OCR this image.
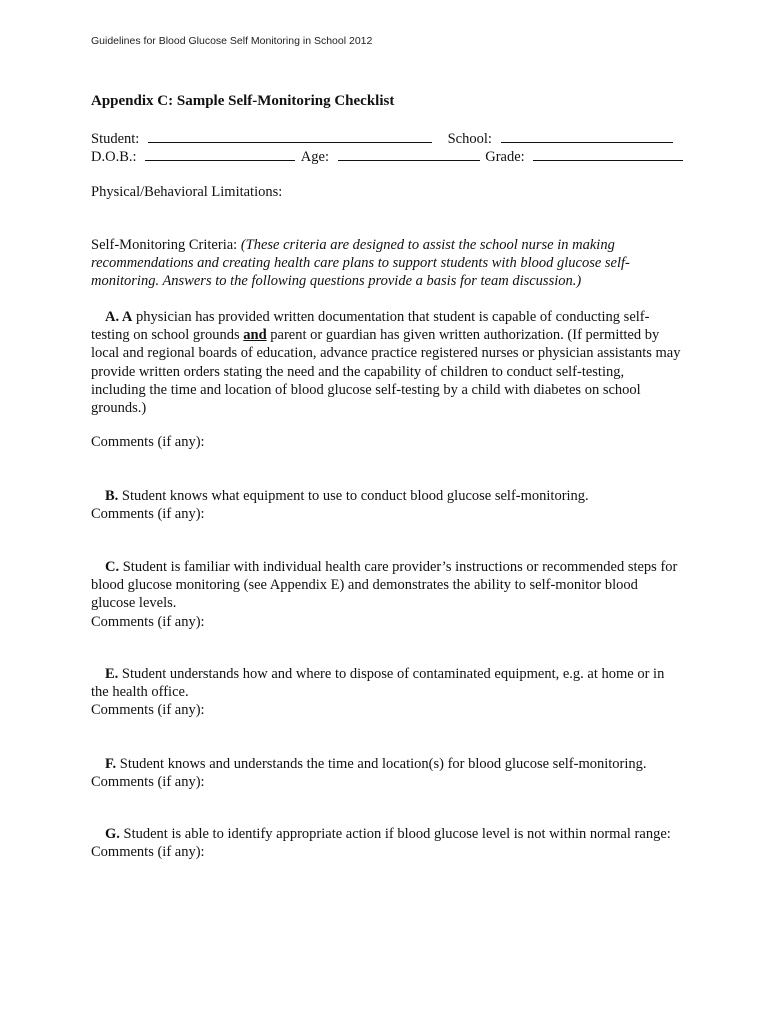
Guidelines for Blood Glucose Self Monitoring in School 2012
Appendix C: Sample Self-Monitoring Checklist
Student:	School:
D.O.B.:	Age:	Grade:
Physical/Behavioral Limitations:

Self-Monitoring Criteria: (These criteria are designed to assist the school nurse in making recommendations and creating health care plans to support students with blood glucose self-monitoring. Answers to the following questions provide a basis for team discussion.)

A. A physician has provided written documentation that student is capable of conducting self-testing on school grounds and parent or guardian has given written authorization. (If permitted by local and regional boards of education, advance practice registered nurses or physician assistants may provide written orders stating the need and the capability of children to conduct self-testing, including the time and location of blood glucose self-testing by a child with diabetes on school grounds.)

Comments (if any):

B. Student knows what equipment to use to conduct blood glucose self-monitoring.

Comments (if any):

C. Student is familiar with individual health care provider’s instructions or recommended steps for blood glucose monitoring (see Appendix E) and demonstrates the ability to self-monitor blood glucose levels.

Comments (if any):

E. Student understands how and where to dispose of contaminated equipment, e.g. at home or in the health office.

Comments (if any):

F. Student knows and understands the time and location(s) for blood glucose self-monitoring.

Comments (if any):

G. Student is able to identify appropriate action if blood glucose level is not within normal range:

Comments (if any):
